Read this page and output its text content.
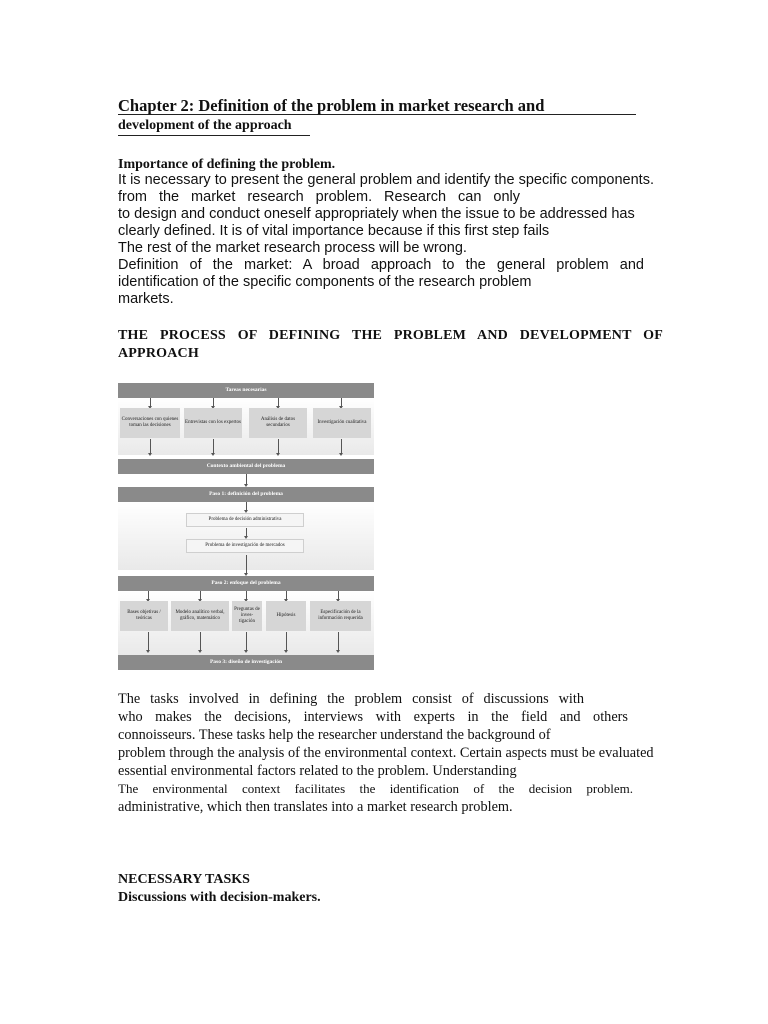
Chapter 2: Definition of the problem in market research and
development of the approach
Importance of defining the problem.
It is necessary to present the general problem and identify the specific components.
from the market research problem. Research can only
to design and conduct oneself appropriately when the issue to be addressed has
clearly defined. It is of vital importance because if this first step fails
The rest of the market research process will be wrong.
Definition of the market: A broad approach to the general problem and
identification of the specific components of the research problem
markets.
THE PROCESS OF DEFINING THE PROBLEM AND DEVELOPMENT OF APPROACH
Tareas necesarias
Conversaciones con quienes toman las decisiones
Entrevistas con los expertos
Análisis de datos secundarios
Investigación cualitativa
Contexto ambiental del problema
Paso 1: definición del problema
Problema de decisión administrativa
Problema de investigación de mercados
Paso 2: enfoque del problema
Bases objetivas / teóricas
Modelo analítico verbal, gráfico, matemático
Preguntas de inves- tigación
Hipótesis
Especificación de la información requerida
Paso 3: diseño de investigación
The tasks involved in defining the problem consist of discussions with
who makes the decisions, interviews with experts in the field and others
connoisseurs. These tasks help the researcher understand the background of
problem through the analysis of the environmental context. Certain aspects must be evaluated
essential environmental factors related to the problem. Understanding
The environmental context facilitates the identification of the decision problem.
administrative, which then translates into a market research problem.
NECESSARY TASKS
Discussions with decision-makers.
